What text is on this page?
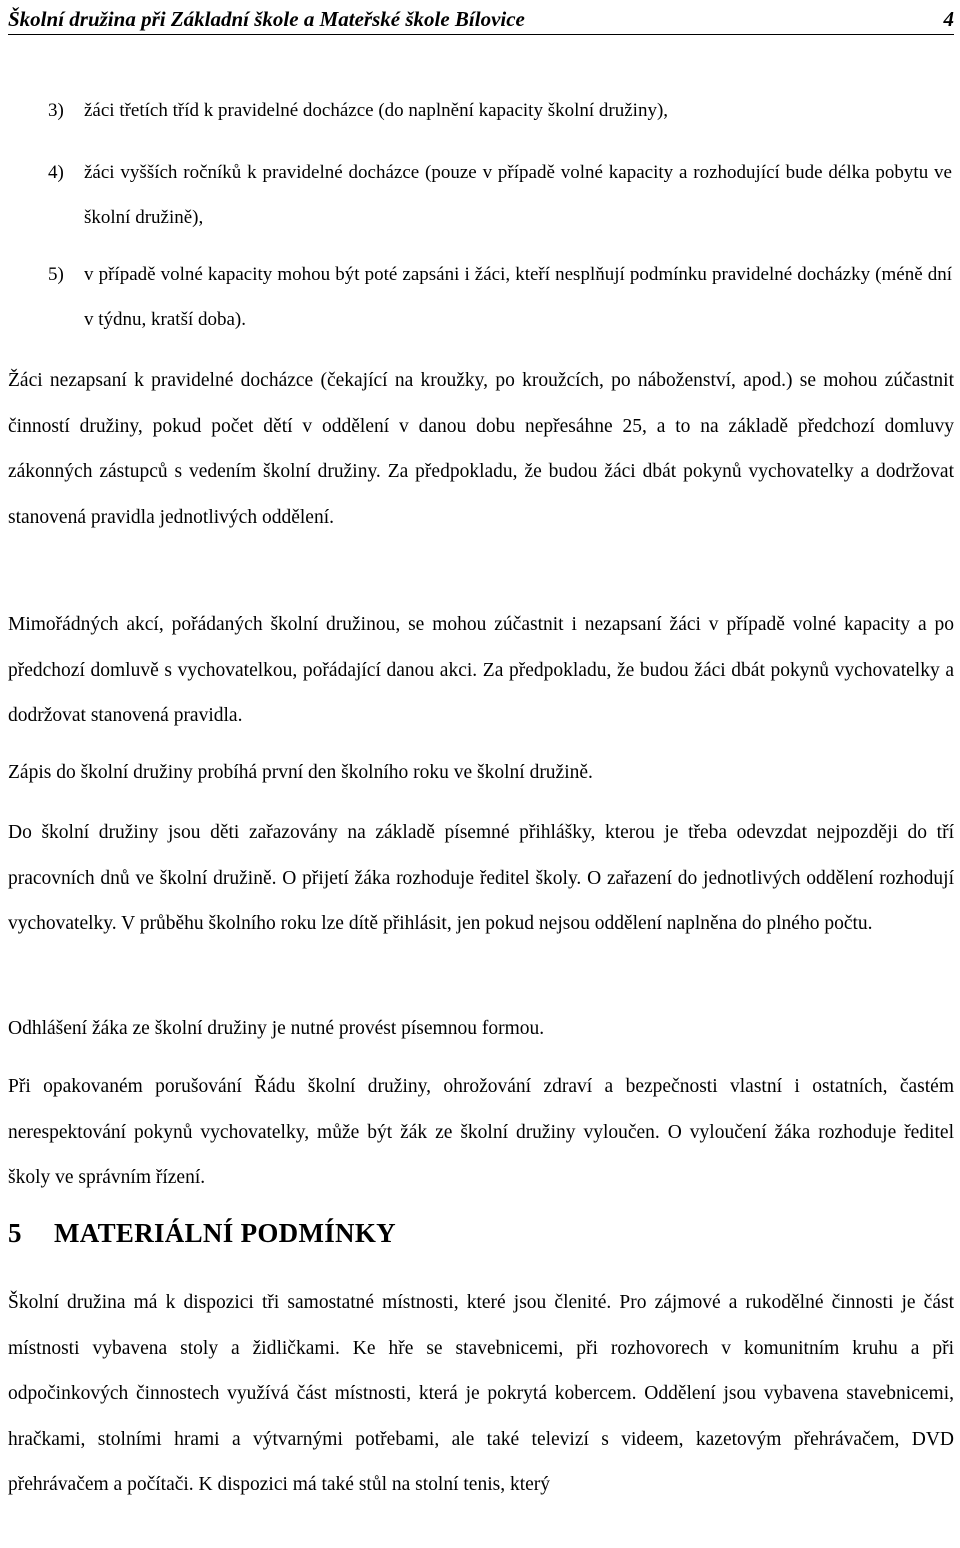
Školní družina při Základní škole a Mateřské škole Bílovice	4
3) žáci třetích tříd k pravidelné docházce (do naplnění kapacity školní družiny),
4) žáci vyšších ročníků k pravidelné docházce (pouze v případě volné kapacity a rozhodující bude délka pobytu ve školní družině),
5) v případě volné kapacity mohou být poté zapsáni i žáci, kteří nesplňují podmínku pravidelné docházky (méně dní v týdnu, kratší doba).

Žáci nezapsaní k pravidelné docházce (čekající na kroužky, po kroužcích, po náboženství, apod.) se mohou zúčastnit činností družiny, pokud počet dětí v oddělení v danou dobu nepřesáhne 25, a to na základě předchozí domluvy zákonných zástupců s vedením školní družiny. Za předpokladu, že budou žáci dbát pokynů vychovatelky a dodržovat stanovená pravidla jednotlivých oddělení.

Mimořádných akcí, pořádaných školní družinou, se mohou zúčastnit i nezapsaní žáci v případě volné kapacity a po předchozí domluvě s vychovatelkou, pořádající danou akci. Za předpokladu, že budou žáci dbát pokynů vychovatelky a dodržovat stanovená pravidla.

Zápis do školní družiny probíhá první den školního roku ve školní družině.

Do školní družiny jsou děti zařazovány na základě písemné přihlášky, kterou je třeba odevzdat nejpozději do tří pracovních dnů ve školní družině. O přijetí žáka rozhoduje ředitel školy. O zařazení do jednotlivých oddělení rozhodují vychovatelky. V průběhu školního roku lze dítě přihlásit, jen pokud nejsou oddělení naplněna do plného počtu.

Odhlášení žáka ze školní družiny je nutné provést písemnou formou.

Při opakovaném porušování Řádu školní družiny, ohrožování zdraví a bezpečnosti vlastní i ostatních, častém nerespektování pokynů vychovatelky, může být žák ze školní družiny vyloučen. O vyloučení žáka rozhoduje ředitel školy ve správním řízení.

5 MATERIÁLNÍ PODMÍNKY

Školní družina má k dispozici tři samostatné místnosti, které jsou členité. Pro zájmové a rukodělné činnosti je část místnosti vybavena stoly a židličkami. Ke hře se stavebnicemi, při rozhovorech v komunitním kruhu a při odpočinkových činnostech využívá část místnosti, která je pokrytá kobercem. Oddělení jsou vybavena stavebnicemi, hračkami, stolními hrami a výtvarnými potřebami, ale také televizí s videem, kazetovým přehrávačem, DVD přehrávačem a počítači. K dispozici má také stůl na stolní tenis, který
